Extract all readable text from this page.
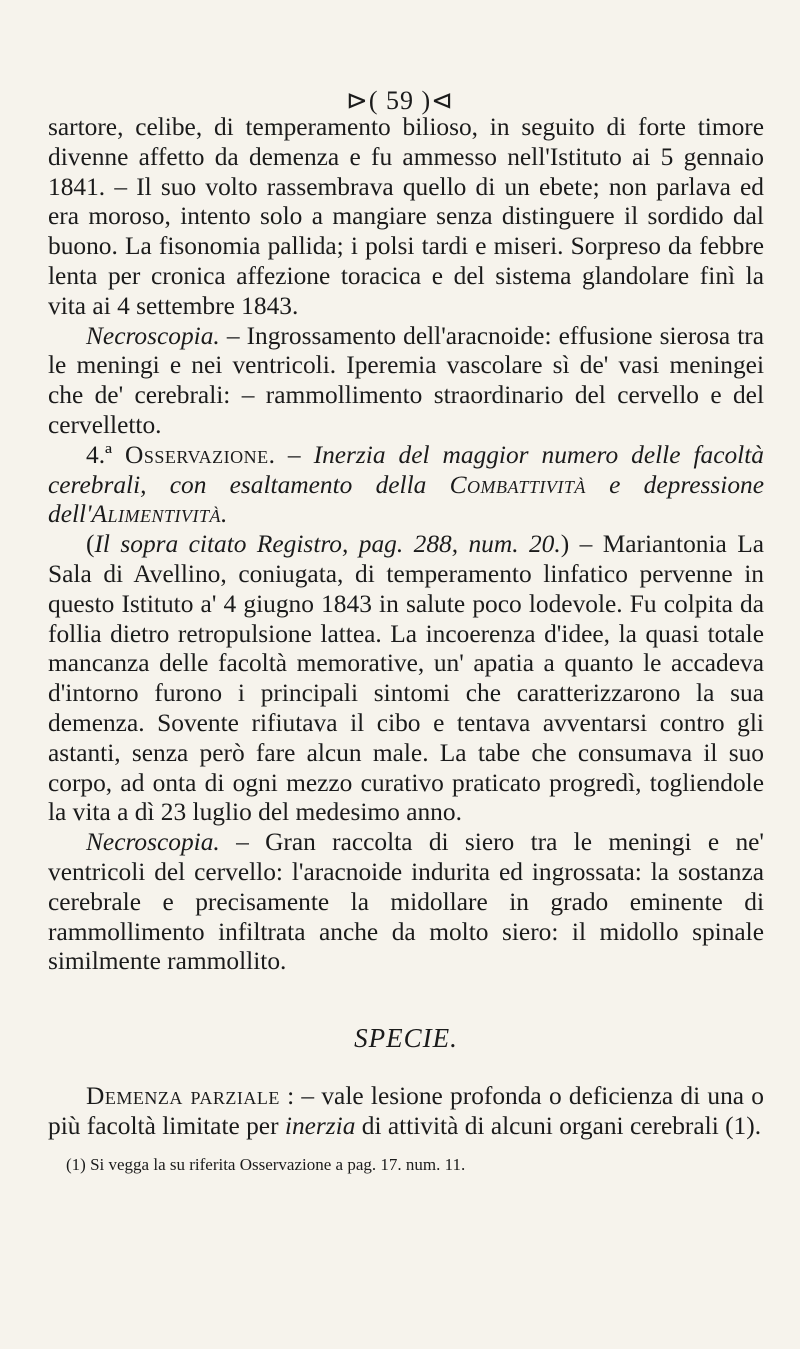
⊳( 59 )⊲

sartore, celibe, di temperamento bilioso, in seguito di forte timore divenne affetto da demenza e fu ammesso nell'Istituto ai 5 gennaio 1841. – Il suo volto rassembrava quello di un ebete; non parlava ed era moroso, intento solo a mangiare senza distinguere il sordido dal buono. La fisonomia pallida; i polsi tardi e miseri. Sorpreso da febbre lenta per cronica affezione toracica e del sistema glandolare finì la vita ai 4 settembre 1843.

Necroscopia. – Ingrossamento dell'aracnoide: effusione sierosa tra le meningi e nei ventricoli. Iperemia vascolare sì de' vasi meningei che de' cerebrali: – rammollimento straordinario del cervello e del cervelletto.

4.ª Osservazione. – Inerzia del maggior numero delle facoltà cerebrali, con esaltamento della Combattività e depressione dell'Alimentività.

(Il sopra citato Registro, pag. 288, num. 20.) – Mariantonia La Sala di Avellino, coniugata, di temperamento linfatico pervenne in questo Istituto a' 4 giugno 1843 in salute poco lodevole. Fu colpita da follia dietro retropulsione lattea. La incoerenza d'idee, la quasi totale mancanza delle facoltà memorative, un' apatia a quanto le accadeva d'intorno furono i principali sintomi che caratterizzarono la sua demenza. Sovente rifiutava il cibo e tentava avventarsi contro gli astanti, senza però fare alcun male. La tabe che consumava il suo corpo, ad onta di ogni mezzo curativo praticato progredì, togliendole la vita a dì 23 luglio del medesimo anno.

Necroscopia. – Gran raccolta di siero tra le meningi e ne' ventricoli del cervello: l'aracnoide indurita ed ingrossata: la sostanza cerebrale e precisamente la midollare in grado eminente di rammollimento infiltrata anche da molto siero: il midollo spinale similmente rammollito.

SPECIE.

Demenza parziale : – vale lesione profonda o deficienza di una o più facoltà limitate per inerzia di attività di alcuni organi cerebrali (1).

(1) Si vegga la su riferita Osservazione a pag. 17. num. 11.
